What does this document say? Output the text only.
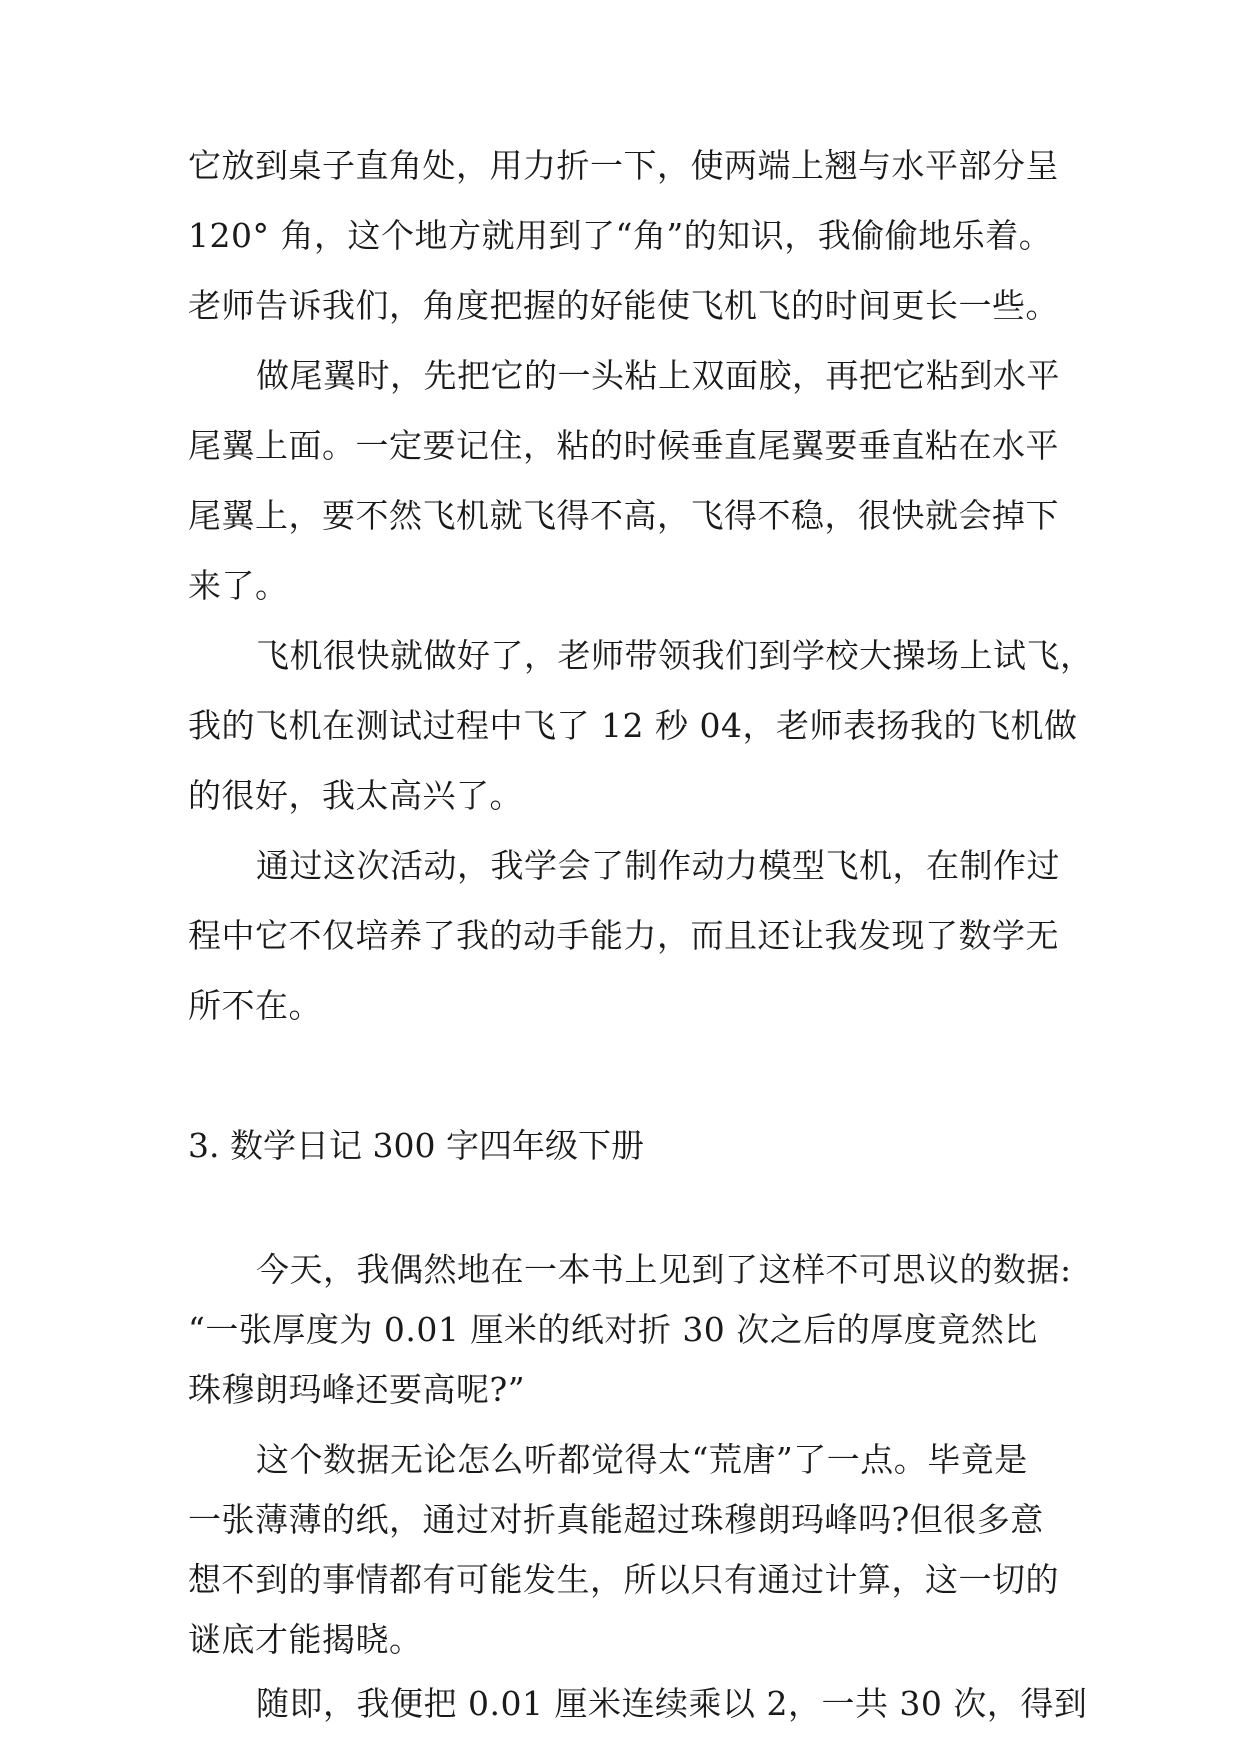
它放到桌子直角处，用力折一下，使两端上翘与水平部分呈
120° 角，这个地方就用到了“角”的知识，我偷偷地乐着。
老师告诉我们，角度把握的好能使飞机飞的时间更长一些。
做尾翼时，先把它的一头粘上双面胶，再把它粘到水平
尾翼上面。一定要记住，粘的时候垂直尾翼要垂直粘在水平
尾翼上，要不然飞机就飞得不高，飞得不稳，很快就会掉下
来了。
飞机很快就做好了，老师带领我们到学校大操场上试飞，
我的飞机在测试过程中飞了 12 秒 04，老师表扬我的飞机做
的很好，我太高兴了。
通过这次活动，我学会了制作动力模型飞机，在制作过
程中它不仅培养了我的动手能力，而且还让我发现了数学无
所不在。
3. 数学日记 300 字四年级下册
今天，我偶然地在一本书上见到了这样不可思议的数据:
“一张厚度为 0.01 厘米的纸对折 30 次之后的厚度竟然比
珠穆朗玛峰还要高呢?”
这个数据无论怎么听都觉得太“荒唐”了一点。毕竟是
一张薄薄的纸，通过对折真能超过珠穆朗玛峰吗?但很多意
想不到的事情都有可能发生，所以只有通过计算，这一切的
谜底才能揭晓。
随即，我便把 0.01 厘米连续乘以 2，一共 30 次，得到
